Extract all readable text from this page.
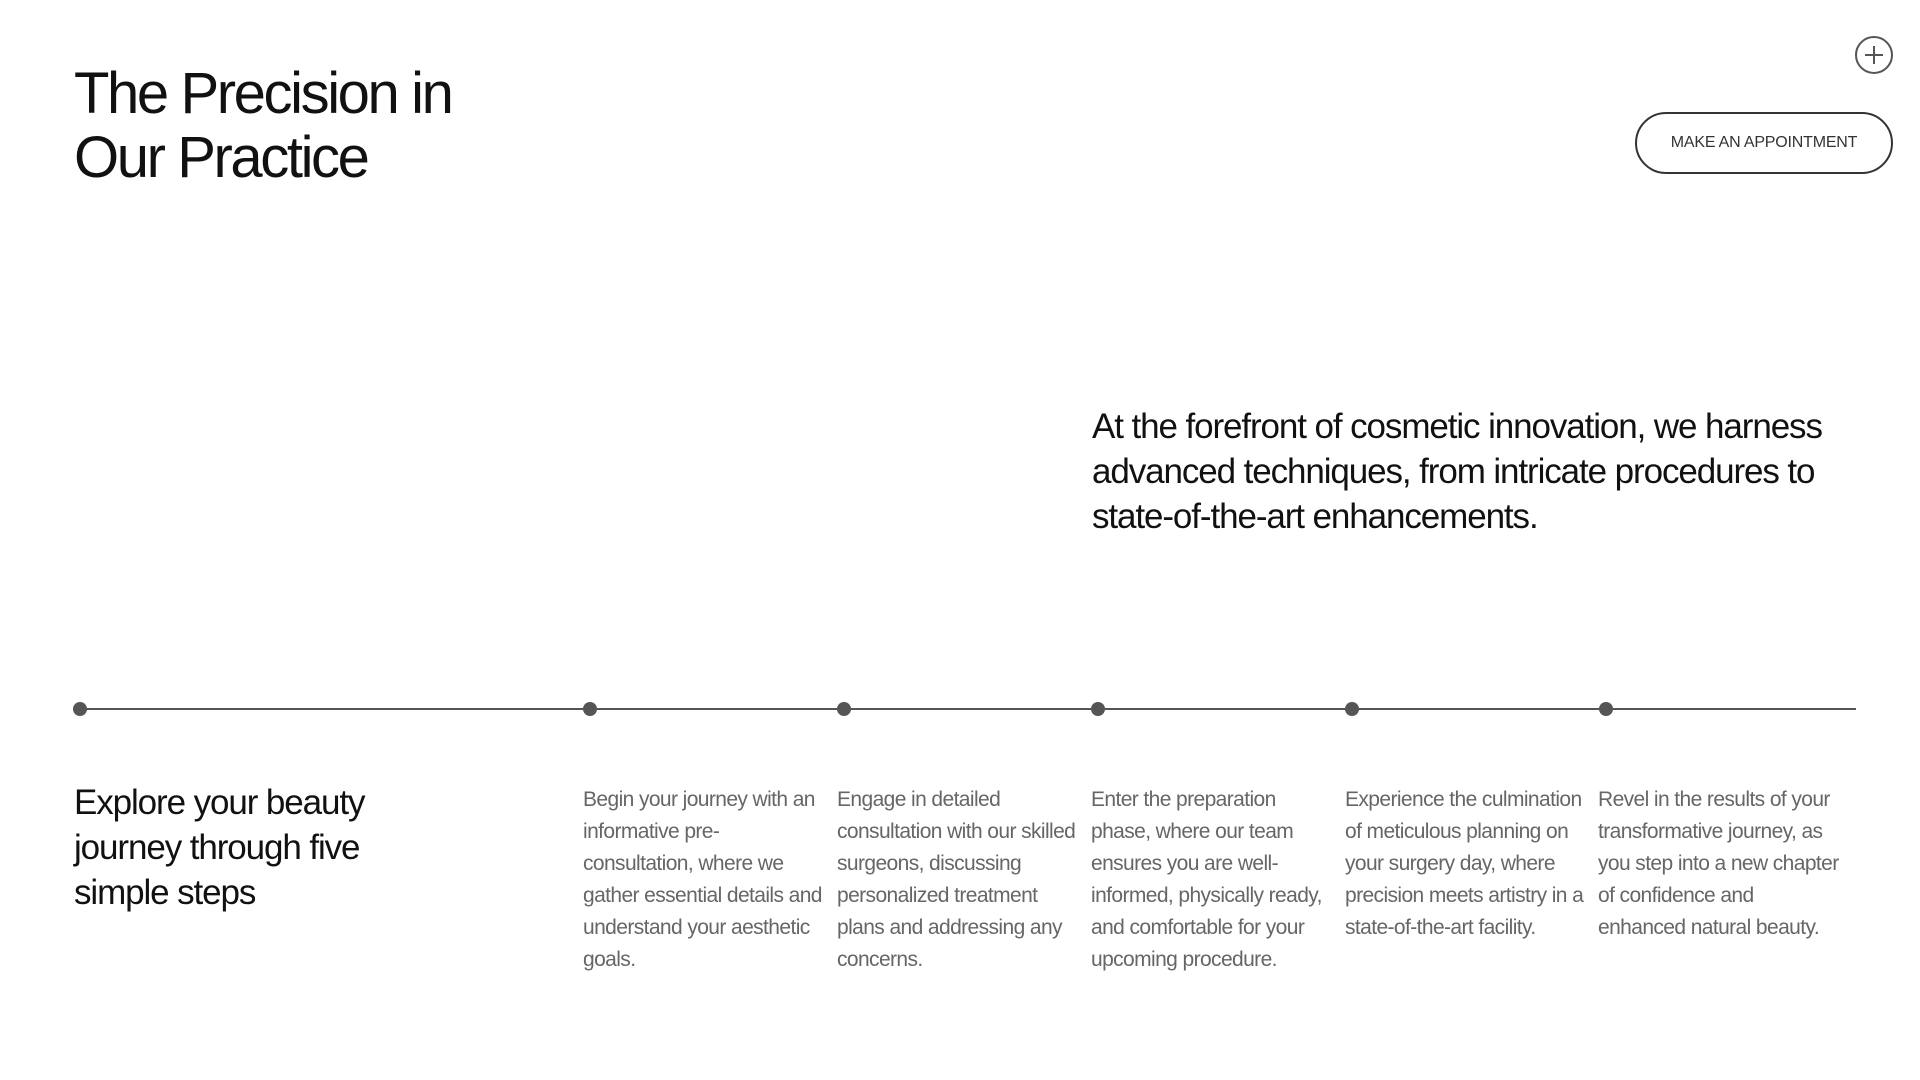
The Precision in
Our Practice	MAKE AN APPOINTMENT

At the forefront of cosmetic innovation, we harness advanced techniques, from intricate procedures to state-of-the-art enhancements.

Explore your beauty journey through five simple steps

Begin your journey with an informative pre-consultation, where we gather essential details and understand your aesthetic goals.

Engage in detailed consultation with our skilled surgeons, discussing personalized treatment plans and addressing any concerns.

Enter the preparation phase, where our team ensures you are well-informed, physically ready, and comfortable for your upcoming procedure.

Experience the culmination of meticulous planning on your surgery day, where precision meets artistry in a state-of-the-art facility.

Revel in the results of your transformative journey, as you step into a new chapter of confidence and enhanced natural beauty.
